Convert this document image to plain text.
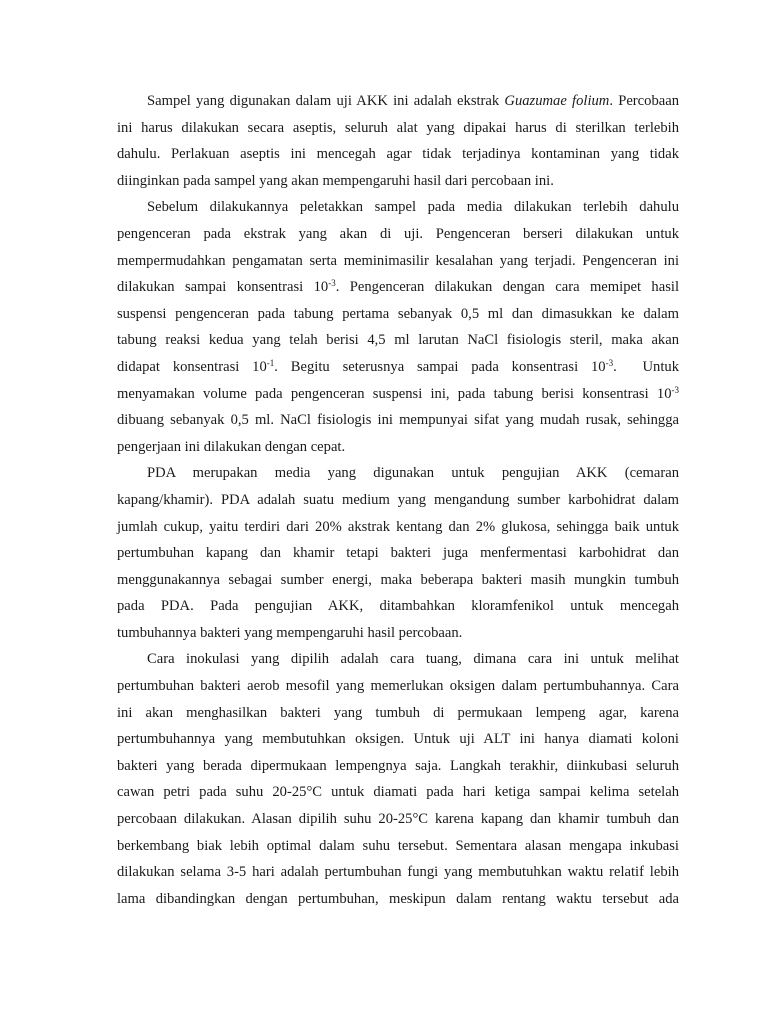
Sampel yang digunakan dalam uji AKK ini adalah ekstrak Guazumae folium. Percobaan
ini harus dilakukan secara aseptis, seluruh alat yang dipakai harus di sterilkan terlebih
dahulu. Perlakuan aseptis ini mencegah agar tidak terjadinya kontaminan yang tidak
diinginkan pada sampel yang akan mempengaruhi hasil dari percobaan ini.
Sebelum dilakukannya peletakkan sampel pada media dilakukan terlebih dahulu
pengenceran pada ekstrak yang akan di uji. Pengenceran berseri dilakukan untuk
mempermudahkan pengamatan serta meminimasilir kesalahan yang terjadi. Pengenceran ini
dilakukan sampai konsentrasi $10^{-3}$. Pengenceran dilakukan dengan cara memipet hasil
suspensi pengenceran pada tabung pertama sebanyak 0,5 ml dan dimasukkan ke dalam
tabung reaksi kedua yang telah berisi 4,5 ml larutan NaCl fisiologis steril, maka akan
didapat konsentrasi $10^{-1}$. Begitu seterusnya sampai pada konsentrasi $10^{-3}$.  Untuk
menyamakan volume pada pengenceran suspensi ini, pada tabung berisi konsentrasi $10^{-3}$
dibuang sebanyak 0,5 ml. NaCl fisiologis ini mempunyai sifat yang mudah rusak, sehingga
pengerjaan ini dilakukan dengan cepat.
PDA merupakan media yang digunakan untuk pengujian AKK (cemaran
kapang/khamir). PDA adalah suatu medium yang mengandung sumber karbohidrat dalam
jumlah cukup, yaitu terdiri dari 20% akstrak kentang dan 2% glukosa, sehingga baik untuk
pertumbuhan kapang dan khamir tetapi bakteri juga menfermentasi karbohidrat dan
menggunakannya sebagai sumber energi, maka beberapa bakteri masih mungkin tumbuh
pada PDA. Pada pengujian AKK, ditambahkan kloramfenikol untuk mencegah
tumbuhannya bakteri yang mempengaruhi hasil percobaan.
Cara inokulasi yang dipilih adalah cara tuang, dimana cara ini untuk melihat
pertumbuhan bakteri aerob mesofil yang memerlukan oksigen dalam pertumbuhannya. Cara
ini akan menghasilkan bakteri yang tumbuh di permukaan lempeng agar, karena
pertumbuhannya yang membutuhkan oksigen. Untuk uji ALT ini hanya diamati koloni
bakteri yang berada dipermukaan lempengnya saja. Langkah terakhir, diinkubasi seluruh
cawan petri pada suhu 20-25°C untuk diamati pada hari ketiga sampai kelima setelah
percobaan dilakukan. Alasan dipilih suhu 20-25°C karena kapang dan khamir tumbuh dan
berkembang biak lebih optimal dalam suhu tersebut. Sementara alasan mengapa inkubasi
dilakukan selama 3-5 hari adalah pertumbuhan fungi yang membutuhkan waktu relatif lebih
lama dibandingkan dengan pertumbuhan, meskipun dalam rentang waktu tersebut ada
